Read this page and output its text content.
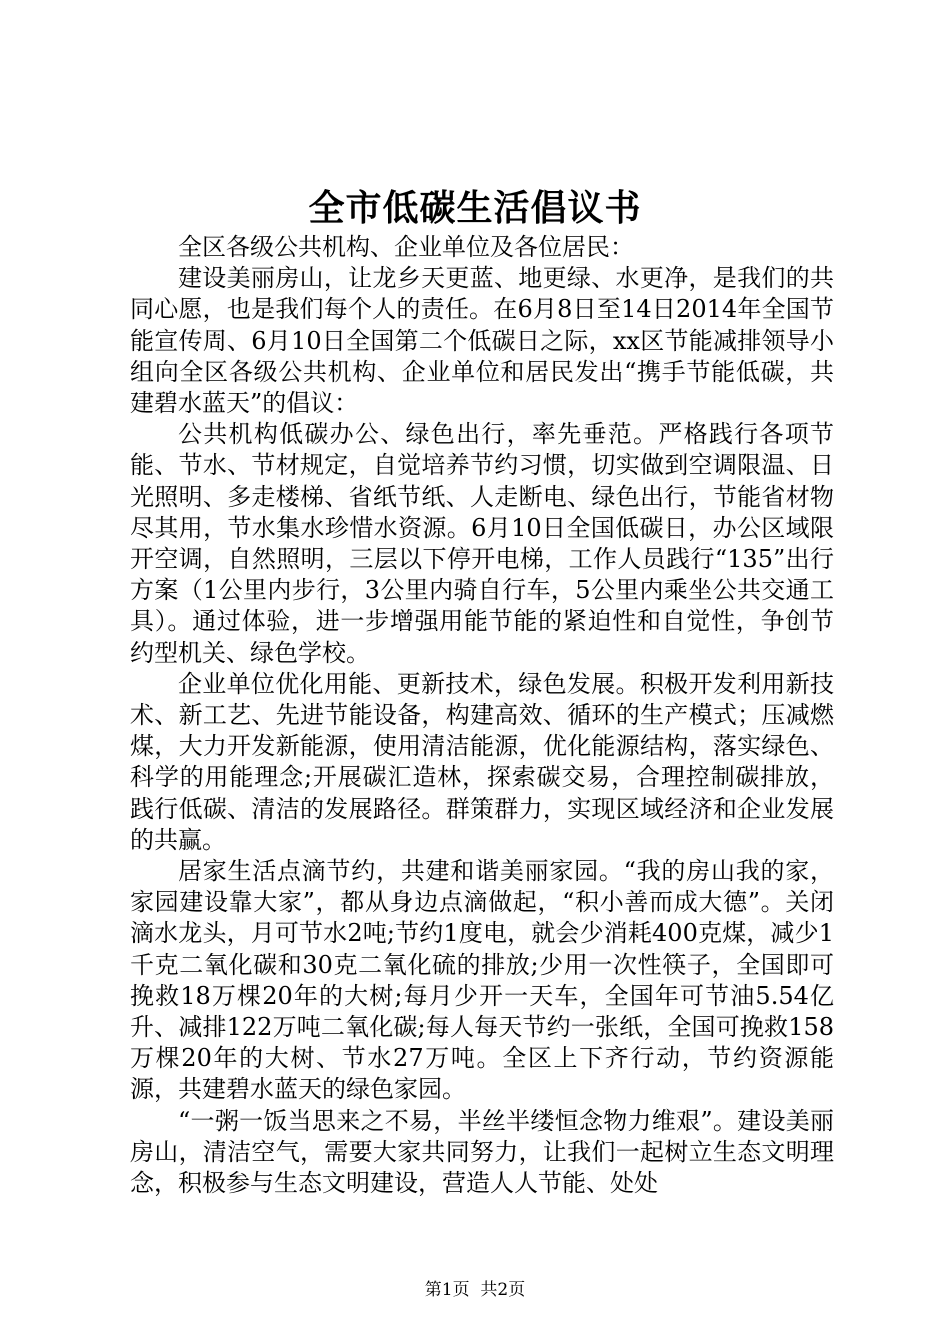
全市低碳生活倡议书

全区各级公共机构、企业单位及各位居民：

建设美丽房山，让龙乡天更蓝、地更绿、水更净，是我们的共同心愿，也是我们每个人的责任。在6月8日至14日2014年全国节能宣传周、6月10日全国第二个低碳日之际，xx区节能减排领导小组向全区各级公共机构、企业单位和居民发出“携手节能低碳，共建碧水蓝天”的倡议：

公共机构低碳办公、绿色出行，率先垂范。严格践行各项节能、节水、节材规定，自觉培养节约习惯，切实做到空调限温、日光照明、多走楼梯、省纸节纸、人走断电、绿色出行，节能省材物尽其用，节水集水珍惜水资源。6月10日全国低碳日，办公区域限开空调，自然照明，三层以下停开电梯，工作人员践行“135”出行方案（1公里内步行，3公里内骑自行车，5公里内乘坐公共交通工具）。通过体验，进一步增强用能节能的紧迫性和自觉性，争创节约型机关、绿色学校。

企业单位优化用能、更新技术，绿色发展。积极开发利用新技术、新工艺、先进节能设备，构建高效、循环的生产模式；压减燃煤，大力开发新能源，使用清洁能源，优化能源结构，落实绿色、科学的用能理念;开展碳汇造林，探索碳交易，合理控制碳排放，践行低碳、清洁的发展路径。群策群力，实现区域经济和企业发展的共赢。

居家生活点滴节约，共建和谐美丽家园。“我的房山我的家，家园建设靠大家”，都从身边点滴做起，“积小善而成大德”。关闭滴水龙头，月可节水2吨;节约1度电，就会少消耗400克煤，减少1千克二氧化碳和30克二氧化硫的排放;少用一次性筷子，全国即可挽救18万棵20年的大树;每月少开一天车，全国年可节油5.54亿升、减排122万吨二氧化碳;每人每天节约一张纸，全国可挽救158万棵20年的大树、节水27万吨。全区上下齐行动，节约资源能源，共建碧水蓝天的绿色家园。

“一粥一饭当思来之不易，半丝半缕恒念物力维艰”。建设美丽房山，清洁空气，需要大家共同努力，让我们一起树立生态文明理念，积极参与生态文明建设，营造人人节能、处处

第1页 共2页
